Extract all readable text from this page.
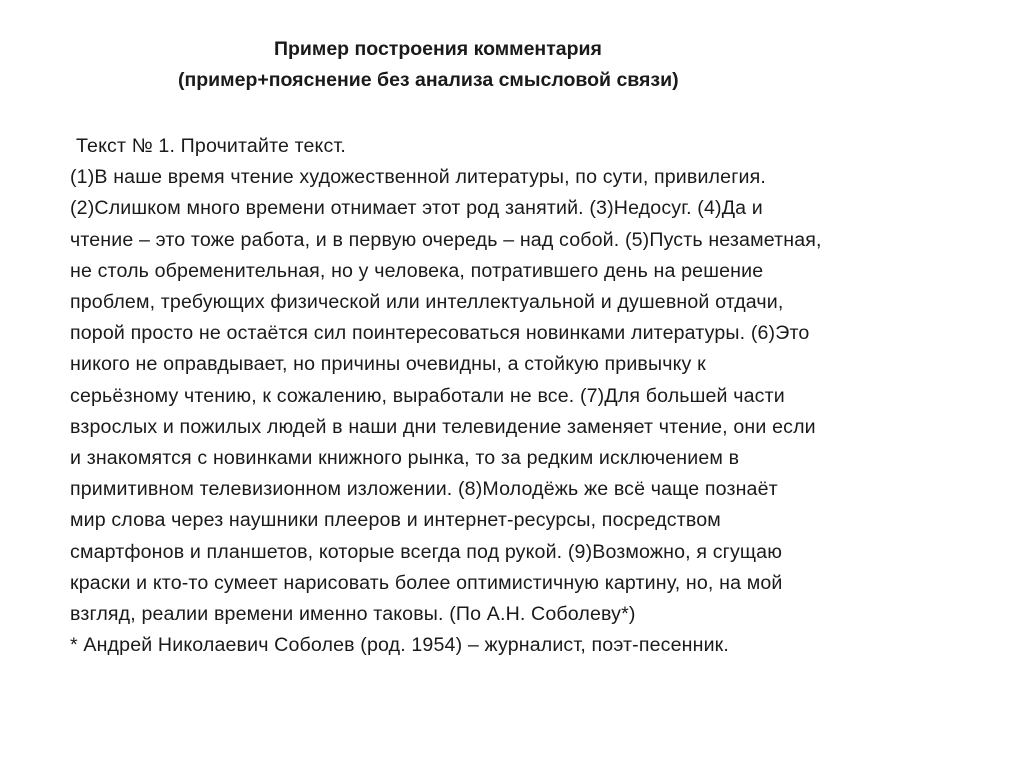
Пример построения комментария
(пример+пояснение без анализа смысловой связи)
Текст № 1. Прочитайте текст.
(1)В наше время чтение художественной литературы, по сути, привилегия.
(2)Слишком много времени отнимает этот род занятий. (3)Недосуг. (4)Да и
чтение – это тоже работа, и в первую очередь – над собой. (5)Пусть незаметная,
не столь обременительная, но у человека, потратившего день на решение
проблем, требующих физической или интеллектуальной и душевной отдачи,
порой просто не остаётся сил поинтересоваться новинками литературы. (6)Это
никого не оправдывает, но причины очевидны, а стойкую привычку к
серьёзному чтению, к сожалению, выработали не все. (7)Для большей части
взрослых и пожилых людей в наши дни телевидение заменяет чтение, они если
и знакомятся с новинками книжного рынка, то за редким исключением в
примитивном телевизионном изложении. (8)Молодёжь же всё чаще познаёт
мир слова через наушники плееров и интернет-ресурсы, посредством
смартфонов и планшетов, которые всегда под рукой. (9)Возможно, я сгущаю
краски и кто-то сумеет нарисовать более оптимистичную картину, но, на мой
взгляд, реалии времени именно таковы. (По А.Н. Соболеву*)
* Андрей Николаевич Соболев (род. 1954) – журналист, поэт-песенник.
